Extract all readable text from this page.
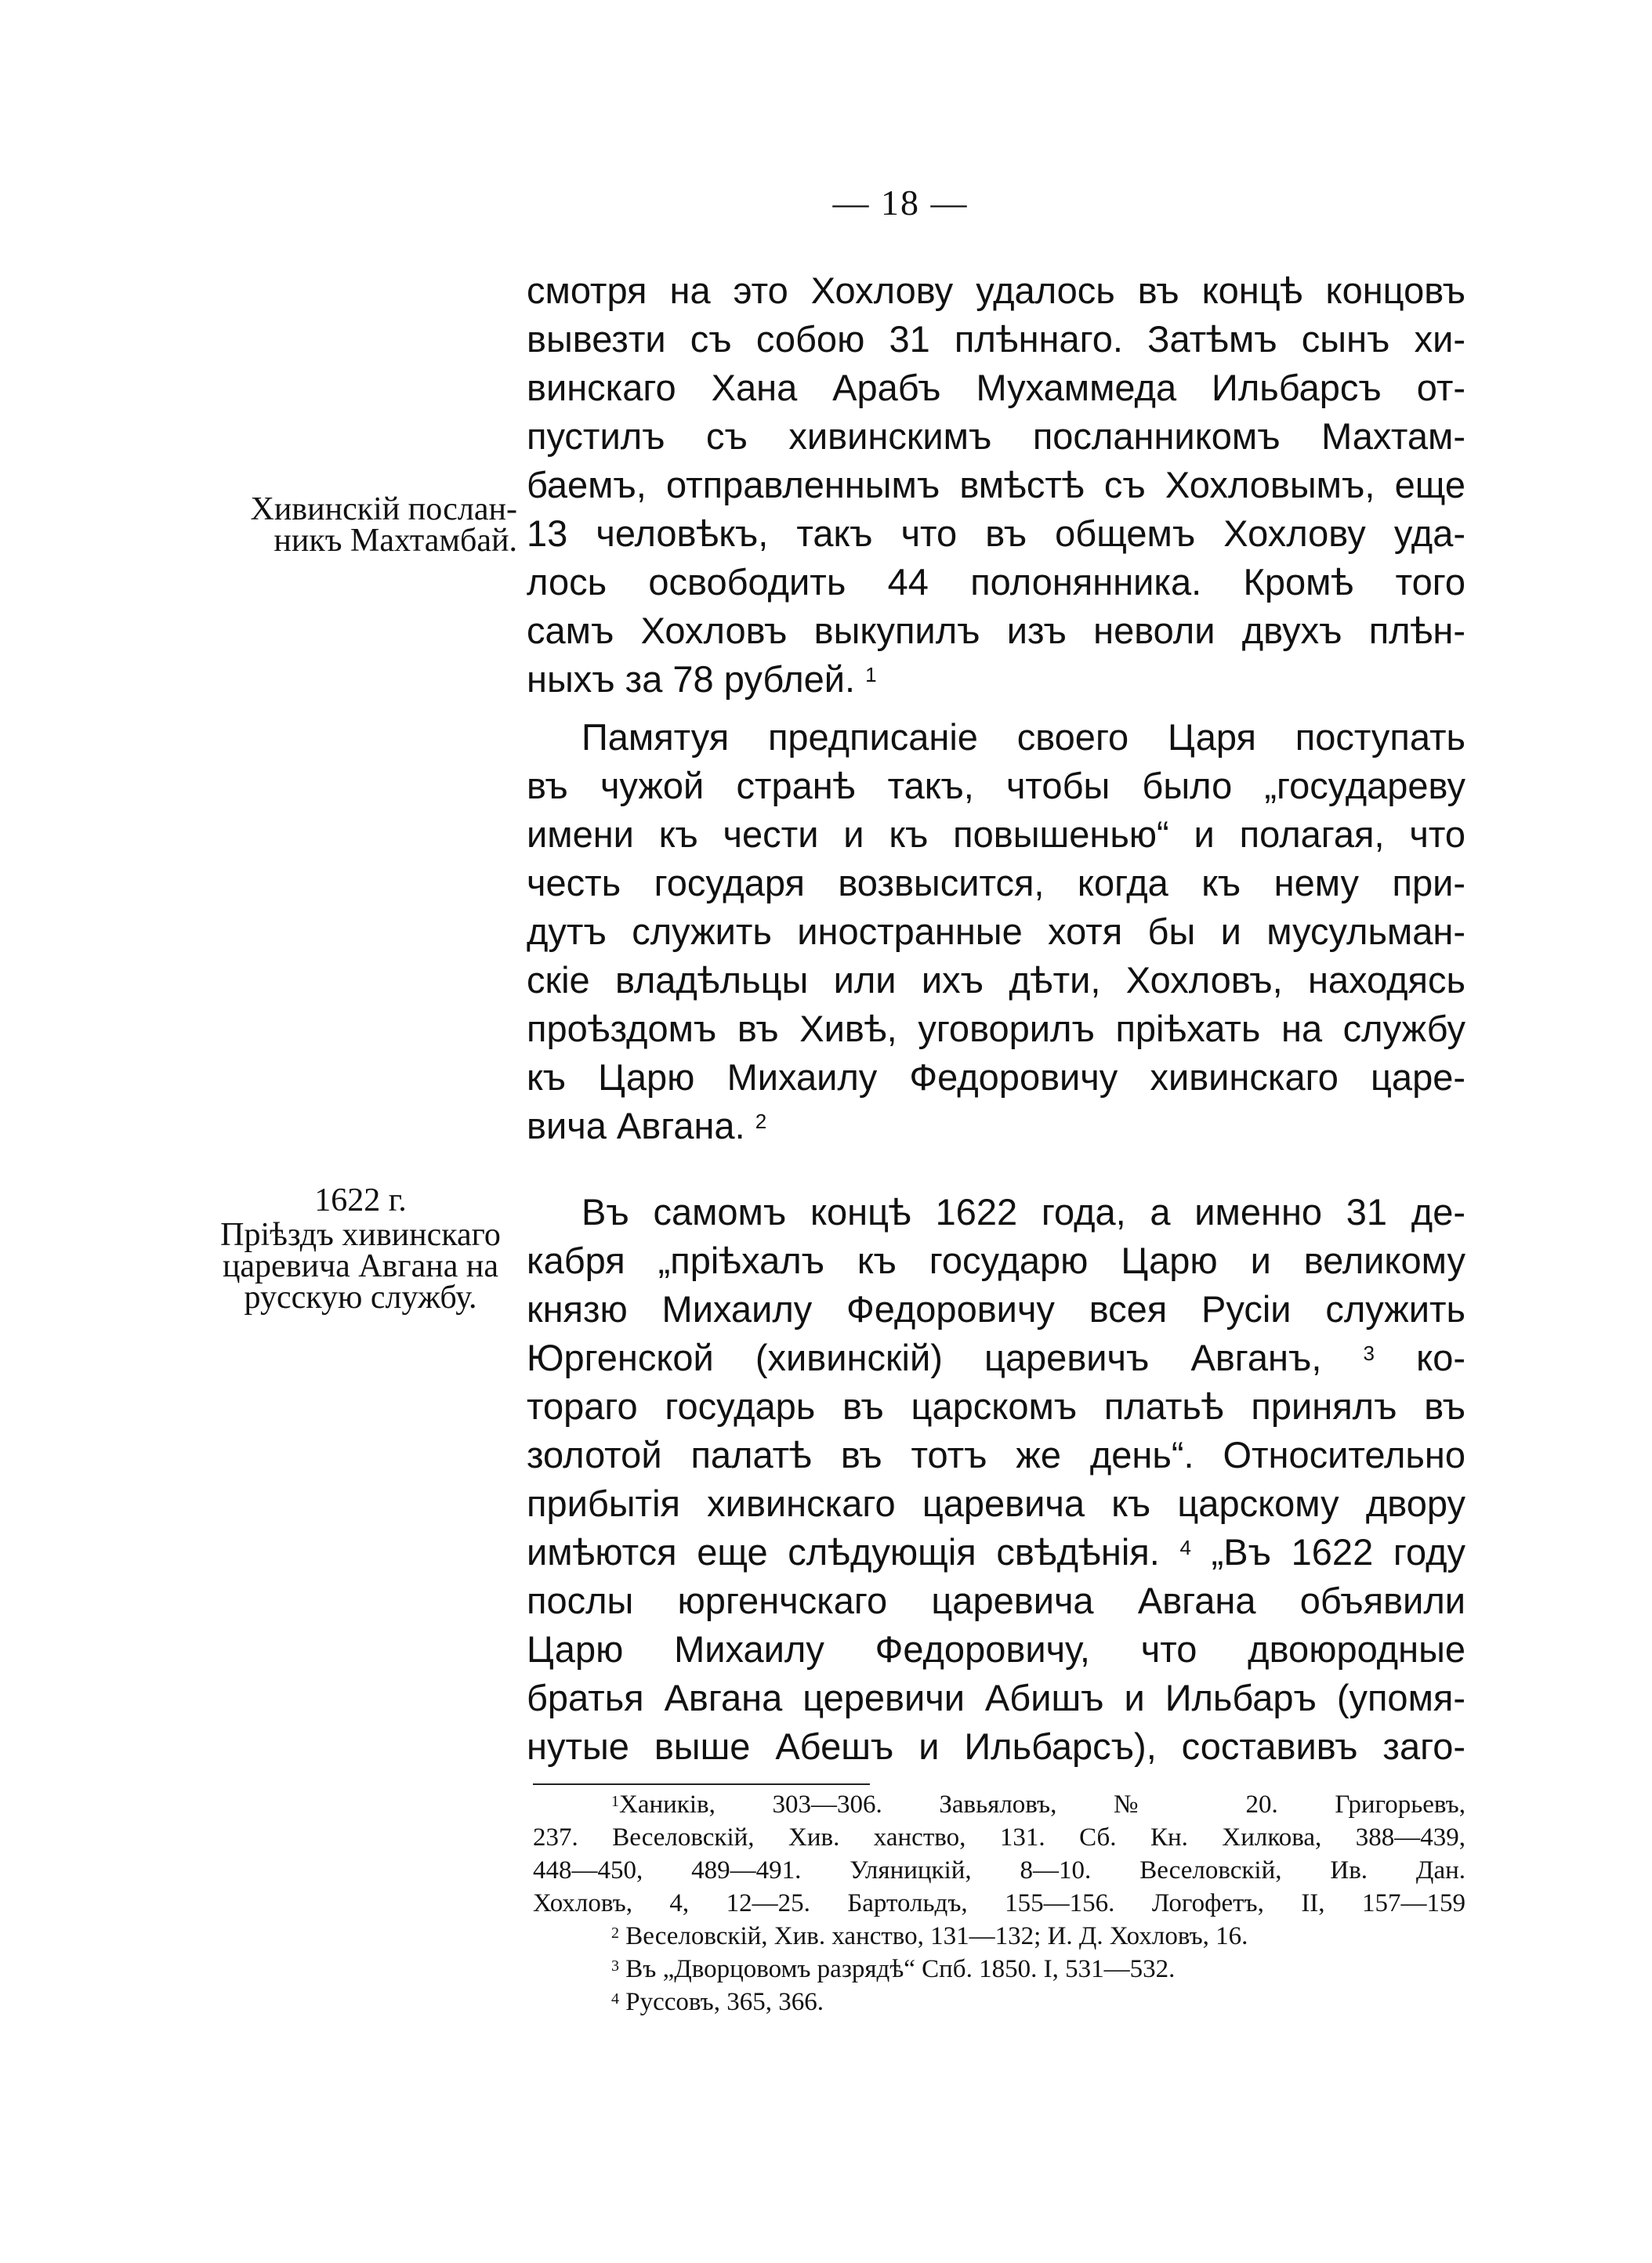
— 18 —
Хивинскій послан-
никъ Махтамбай.
1622 г.
Пріѣздъ хивинскаго
царевича Авгана на
русскую службу.

смотря на это Хохлову удалось въ концѣ концовъ
вывезти съ собою 31 плѣннаго. Затѣмъ сынъ хи-
винскаго Хана Арабъ Мухаммеда Ильбарсъ от-
пустилъ съ хивинскимъ посланникомъ Махтам-
баемъ, отправленнымъ вмѣстѣ съ Хохловымъ, еще
13 человѣкъ, такъ что въ общемъ Хохлову уда-
лось освободить 44 полонянника. Кромѣ того
самъ Хохловъ выкупилъ изъ неволи двухъ плѣн-
ныхъ за 78 рублей. $^1$

Памятуя предписаніе своего Царя поступать
въ чужой странѣ такъ, чтобы было „государеву
имени къ чести и къ повышенью“ и полагая, что
честь государя возвысится, когда къ нему при-
дутъ служить иностранные хотя бы и мусульман-
скіе владѣльцы или ихъ дѣти, Хохловъ, находясь
проѣздомъ въ Хивѣ, уговорилъ пріѣхать на службу
къ Царю Михаилу Федоровичу хивинскаго царе-
вича Авгана. $^2$

Въ самомъ концѣ 1622 года, а именно 31 де-
кабря „пріѣхалъ къ государю Царю и великому
князю Михаилу Федоровичу всея Русіи служить
Юргенской (хивинскій) царевичъ Авганъ, $^3$ ко-
тораго государь въ царскомъ платьѣ принялъ въ
золотой палатѣ въ тотъ же день“. Относительно
прибытія хивинскаго царевича къ царскому двору
имѣются еще слѣдующія свѣдѣнія. $^4$ „Въ 1622 году
послы юргенчскаго царевича Авгана объявили
Царю Михаилу Федоровичу, что двоюродные
братья Авгана церевичи Абишъ и Ильбаръ (упомя-
нутые выше Абешъ и Ильбарсъ), составивъ заго-

$^1$Хаників, 303—306. Завьяловъ, № 20. Григорьевъ,
237. Веселовскій, Хив. ханство, 131. Сб. Кн. Хилкова, 388—439,
448—450, 489—491. Уляницкій, 8—10. Веселовскій, Ив. Дан.
Хохловъ, 4, 12—25. Бартольдъ, 155—156. Логофетъ, II, 157—159
$^2$ Веселовскій, Хив. ханство, 131—132; И. Д. Хохловъ, 16.
$^3$ Въ „Дворцовомъ разрядѣ“ Спб. 1850. I, 531—532.
$^4$ Руссовъ, 365, 366.
